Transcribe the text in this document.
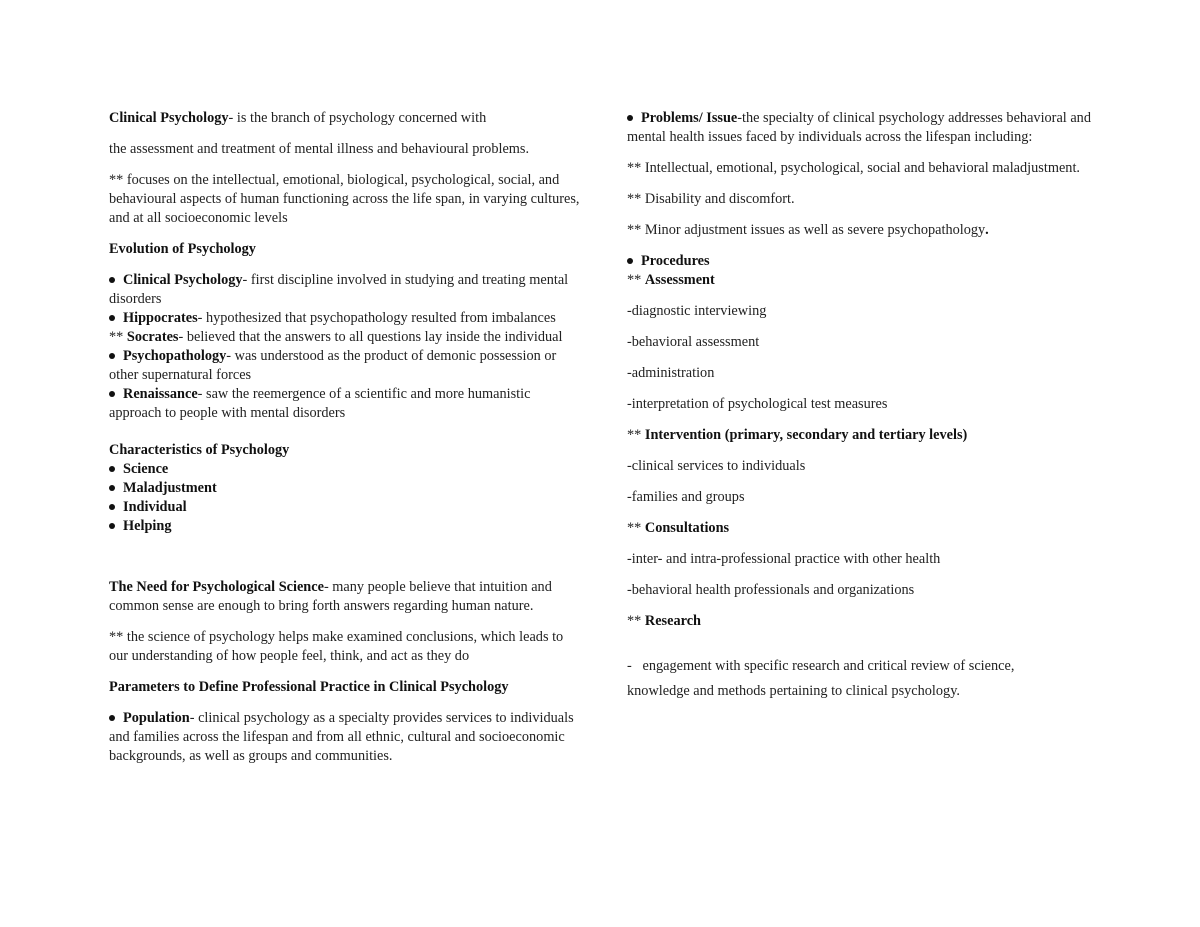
Clinical Psychology- is the branch of psychology concerned with

the assessment and treatment of mental illness and behavioural problems.

** focuses on the intellectual, emotional, biological, psychological, social, and behavioural aspects of human functioning across the life span, in varying cultures, and at all socioeconomic levels

Evolution of Psychology

Clinical Psychology- first discipline involved in studying and treating mental disorders
Hippocrates- hypothesized that psychopathology resulted from imbalances
** Socrates- believed that the answers to all questions lay inside the individual
Psychopathology- was understood as the product of demonic possession or other supernatural forces
Renaissance- saw the reemergence of a scientific and more humanistic approach to people with mental disorders

Characteristics of Psychology

Science
Maladjustment
Individual
Helping

The Need for Psychological Science- many people believe that intuition and common sense are enough to bring forth answers regarding human nature.

** the science of psychology helps make examined conclusions, which leads to our understanding of how people feel, think, and act as they do

Parameters to Define Professional Practice in Clinical Psychology

Population- clinical psychology as a specialty provides services to individuals and families across the lifespan and from all ethnic, cultural and socioeconomic backgrounds, as well as groups and communities.

Problems/ Issue-the specialty of clinical psychology addresses behavioral and mental health issues faced by individuals across the lifespan including:

** Intellectual, emotional, psychological, social and behavioral maladjustment.

** Disability and discomfort.

** Minor adjustment issues as well as severe psychopathology.

Procedures

** Assessment

-diagnostic interviewing

-behavioral assessment

-administration

-interpretation of psychological test measures

** Intervention (primary, secondary and tertiary levels)

-clinical services to individuals

-families and groups

** Consultations

-inter- and intra-professional practice with other health

-behavioral health professionals and organizations

** Research

-   engagement with specific research and critical review of science,

knowledge and methods pertaining to clinical psychology.
